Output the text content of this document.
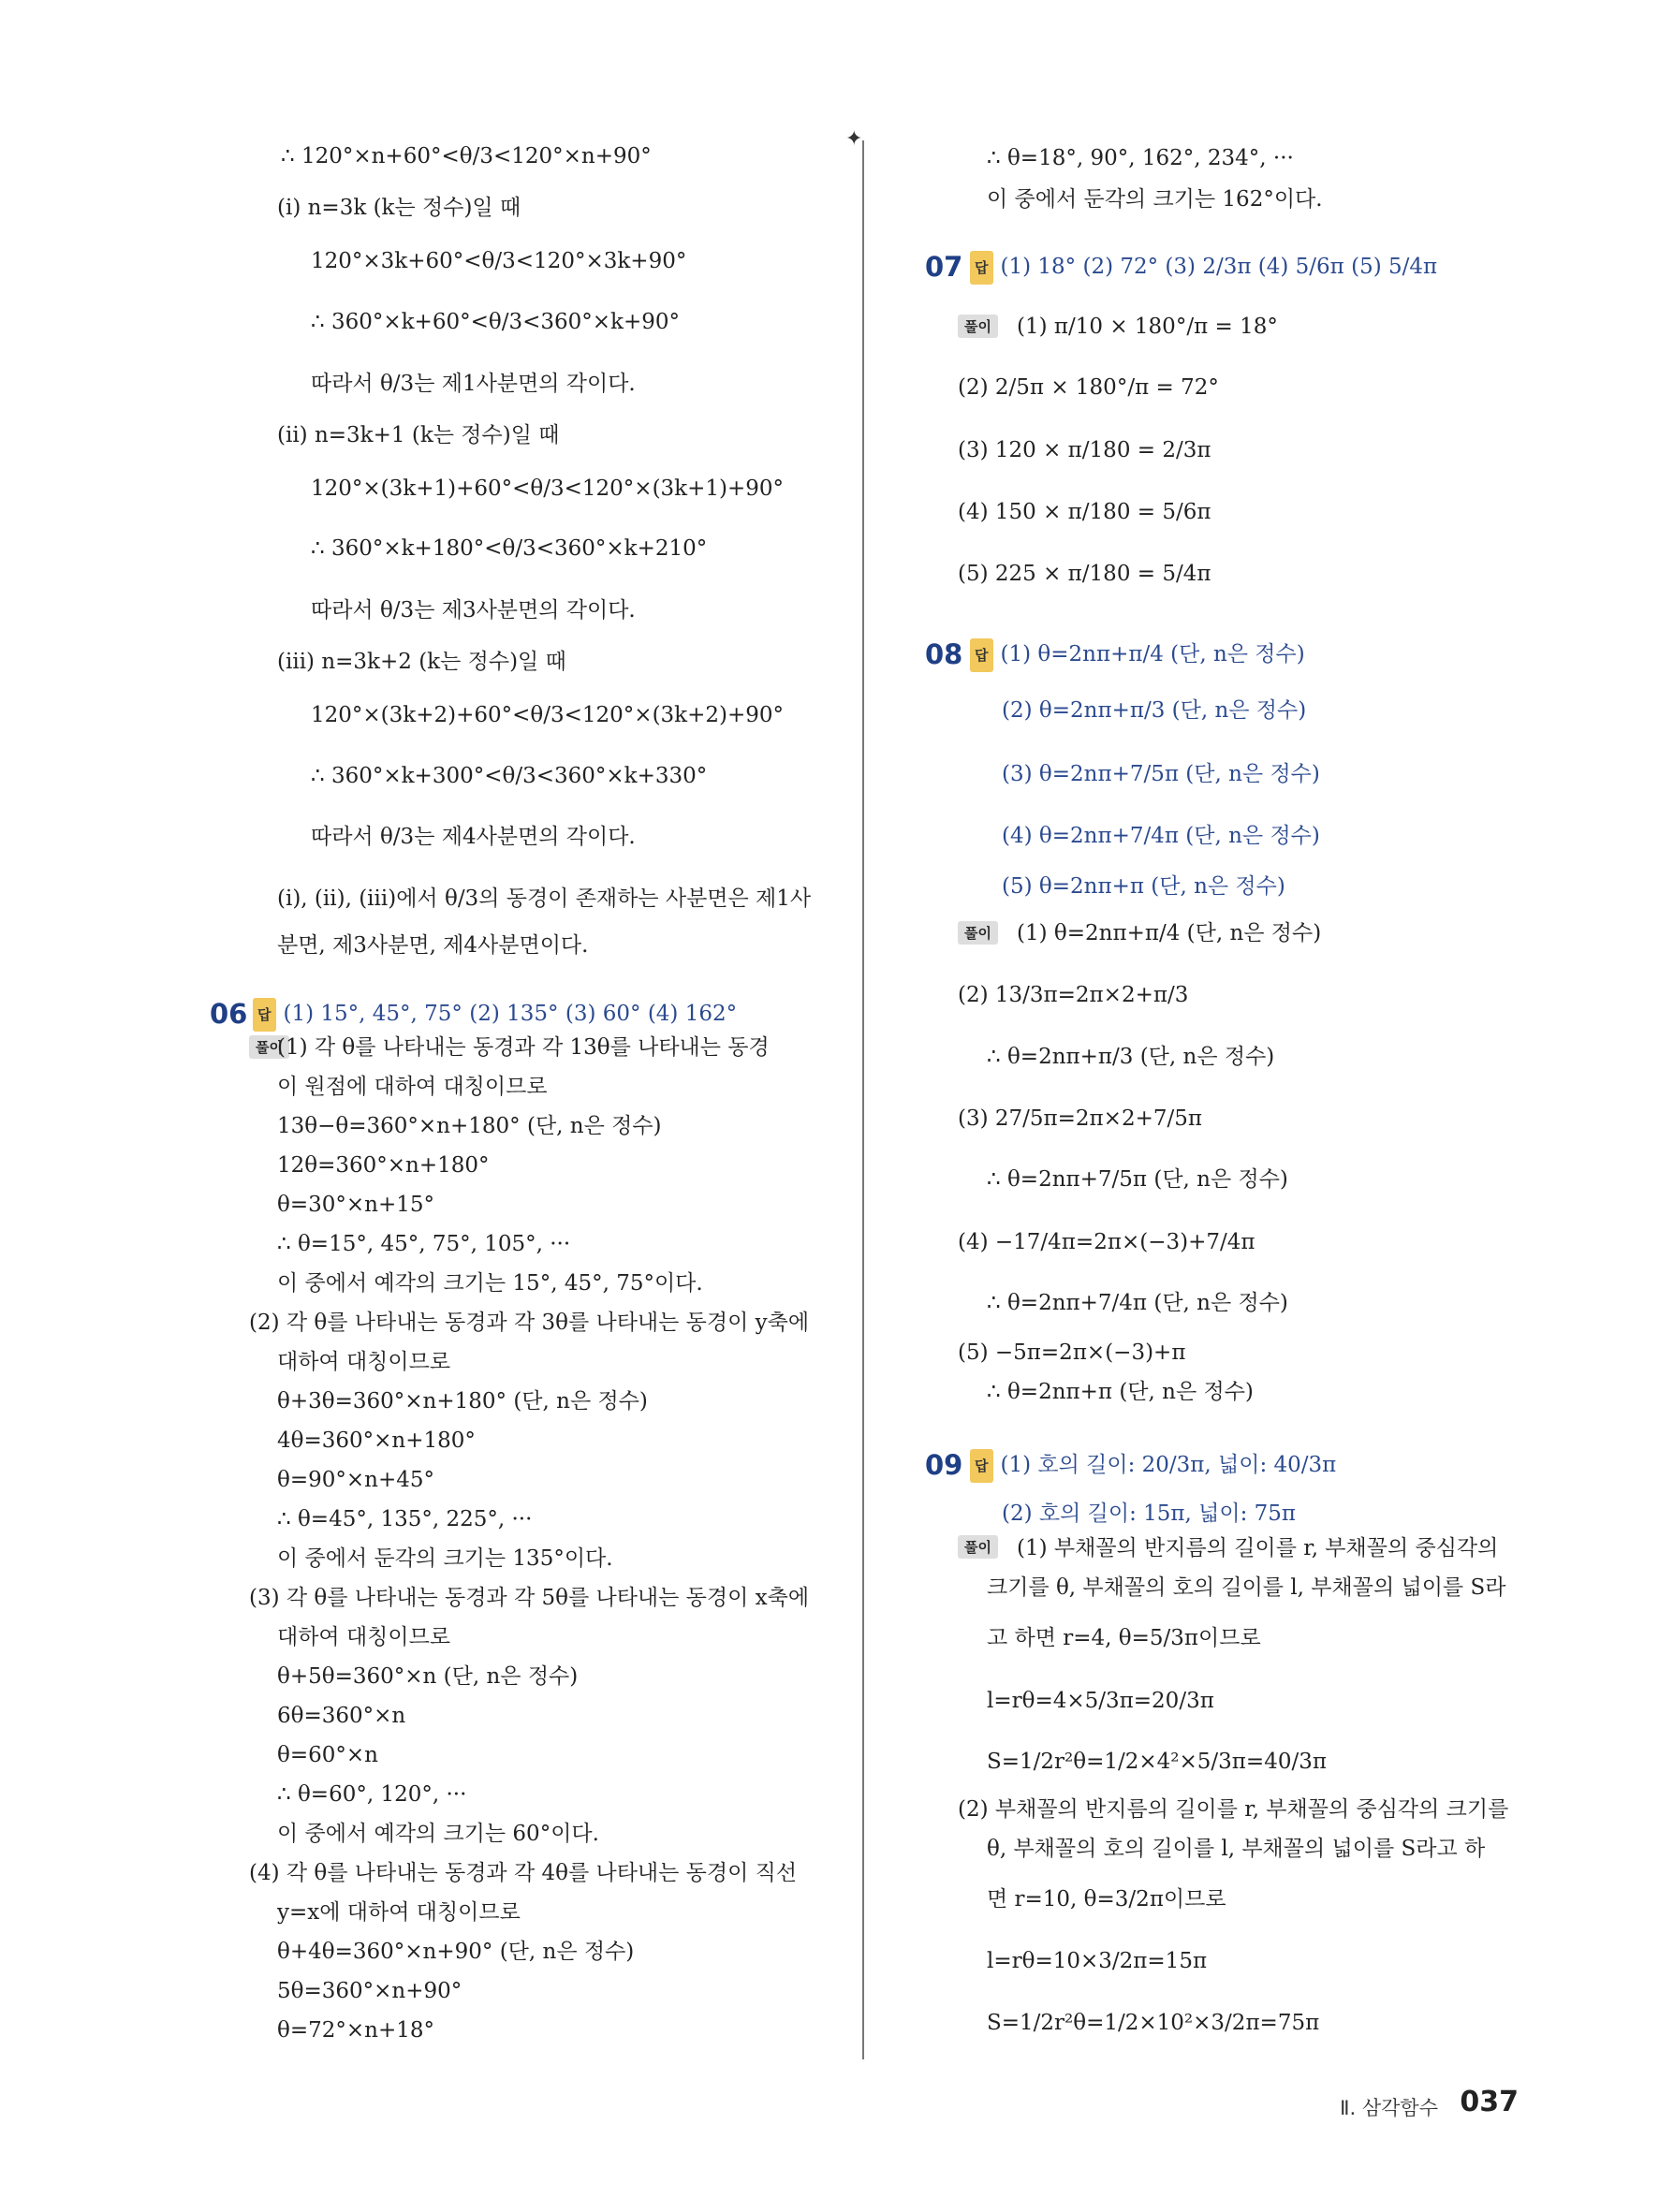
06 답 (1) 15°, 45°, 75° (2) 135° (3) 60° (4) 162°
풀이
07 답 (1) 18° (2) 72° (3) 2/3π (4) 5/6π (5) 5/4π
풀이
08 답 (1) θ=2nπ+π/4 (단, n은 정수)
(2) θ=2nπ+π/3 (단, n은 정수)
(3) θ=2nπ+7/5π (단, n은 정수)
(4) θ=2nπ+7/4π (단, n은 정수)
(5) θ=2nπ+π (단, n은 정수)
풀이
09 답 (1) 호의 길이: 20/3π, 넓이: 40/3π
(2) 호의 길이: 15π, 넓이: 75π
풀이
✦
Ⅱ. 삼각함수 037
∴ 120°×n+60°<θ/3<120°×n+90°
(ⅰ) n=3k (k는 정수)일 때
120°×3k+60°<θ/3<120°×3k+90°
∴ 360°×k+60°<θ/3<360°×k+90°
따라서 θ/3는 제1사분면의 각이다.
(ⅱ) n=3k+1 (k는 정수)일 때
120°×(3k+1)+60°<θ/3<120°×(3k+1)+90°
∴ 360°×k+180°<θ/3<360°×k+210°
따라서 θ/3는 제3사분면의 각이다.
(ⅲ) n=3k+2 (k는 정수)일 때
120°×(3k+2)+60°<θ/3<120°×(3k+2)+90°
∴ 360°×k+300°<θ/3<360°×k+330°
따라서 θ/3는 제4사분면의 각이다.
(ⅰ), (ⅱ), (ⅲ)에서 θ/3의 동경이 존재하는 사분면은 제1사
분면, 제3사분면, 제4사분면이다.
(1) 각 θ를 나타내는 동경과 각 13θ를 나타내는 동경
이 원점에 대하여 대칭이므로
13θ−θ=360°×n+180° (단, n은 정수)
12θ=360°×n+180°
θ=30°×n+15°
∴ θ=15°, 45°, 75°, 105°, ···
이 중에서 예각의 크기는 15°, 45°, 75°이다.
(2) 각 θ를 나타내는 동경과 각 3θ를 나타내는 동경이 y축에
대하여 대칭이므로
θ+3θ=360°×n+180° (단, n은 정수)
4θ=360°×n+180°
θ=90°×n+45°
∴ θ=45°, 135°, 225°, ···
이 중에서 둔각의 크기는 135°이다.
(3) 각 θ를 나타내는 동경과 각 5θ를 나타내는 동경이 x축에
대하여 대칭이므로
θ+5θ=360°×n (단, n은 정수)
6θ=360°×n
θ=60°×n
∴ θ=60°, 120°, ···
이 중에서 예각의 크기는 60°이다.
(4) 각 θ를 나타내는 동경과 각 4θ를 나타내는 동경이 직선
y=x에 대하여 대칭이므로
θ+4θ=360°×n+90° (단, n은 정수)
5θ=360°×n+90°
θ=72°×n+18°
∴ θ=18°, 90°, 162°, 234°, ···
이 중에서 둔각의 크기는 162°이다.
(1) π/10 × 180°/π = 18°
(2) 2/5π × 180°/π = 72°
(3) 120 × π/180 = 2/3π
(4) 150 × π/180 = 5/6π
(5) 225 × π/180 = 5/4π
(1) θ=2nπ+π/4 (단, n은 정수)
(2) 13/3π=2π×2+π/3
∴ θ=2nπ+π/3 (단, n은 정수)
(3) 27/5π=2π×2+7/5π
∴ θ=2nπ+7/5π (단, n은 정수)
(4) −17/4π=2π×(−3)+7/4π
∴ θ=2nπ+7/4π (단, n은 정수)
(5) −5π=2π×(−3)+π
∴ θ=2nπ+π (단, n은 정수)
(1) 부채꼴의 반지름의 길이를 r, 부채꼴의 중심각의
크기를 θ, 부채꼴의 호의 길이를 l, 부채꼴의 넓이를 S라
고 하면 r=4, θ=5/3π이므로
l=rθ=4×5/3π=20/3π
S=1/2r²θ=1/2×4²×5/3π=40/3π
(2) 부채꼴의 반지름의 길이를 r, 부채꼴의 중심각의 크기를
θ, 부채꼴의 호의 길이를 l, 부채꼴의 넓이를 S라고 하
면 r=10, θ=3/2π이므로
l=rθ=10×3/2π=15π
S=1/2r²θ=1/2×10²×3/2π=75π
